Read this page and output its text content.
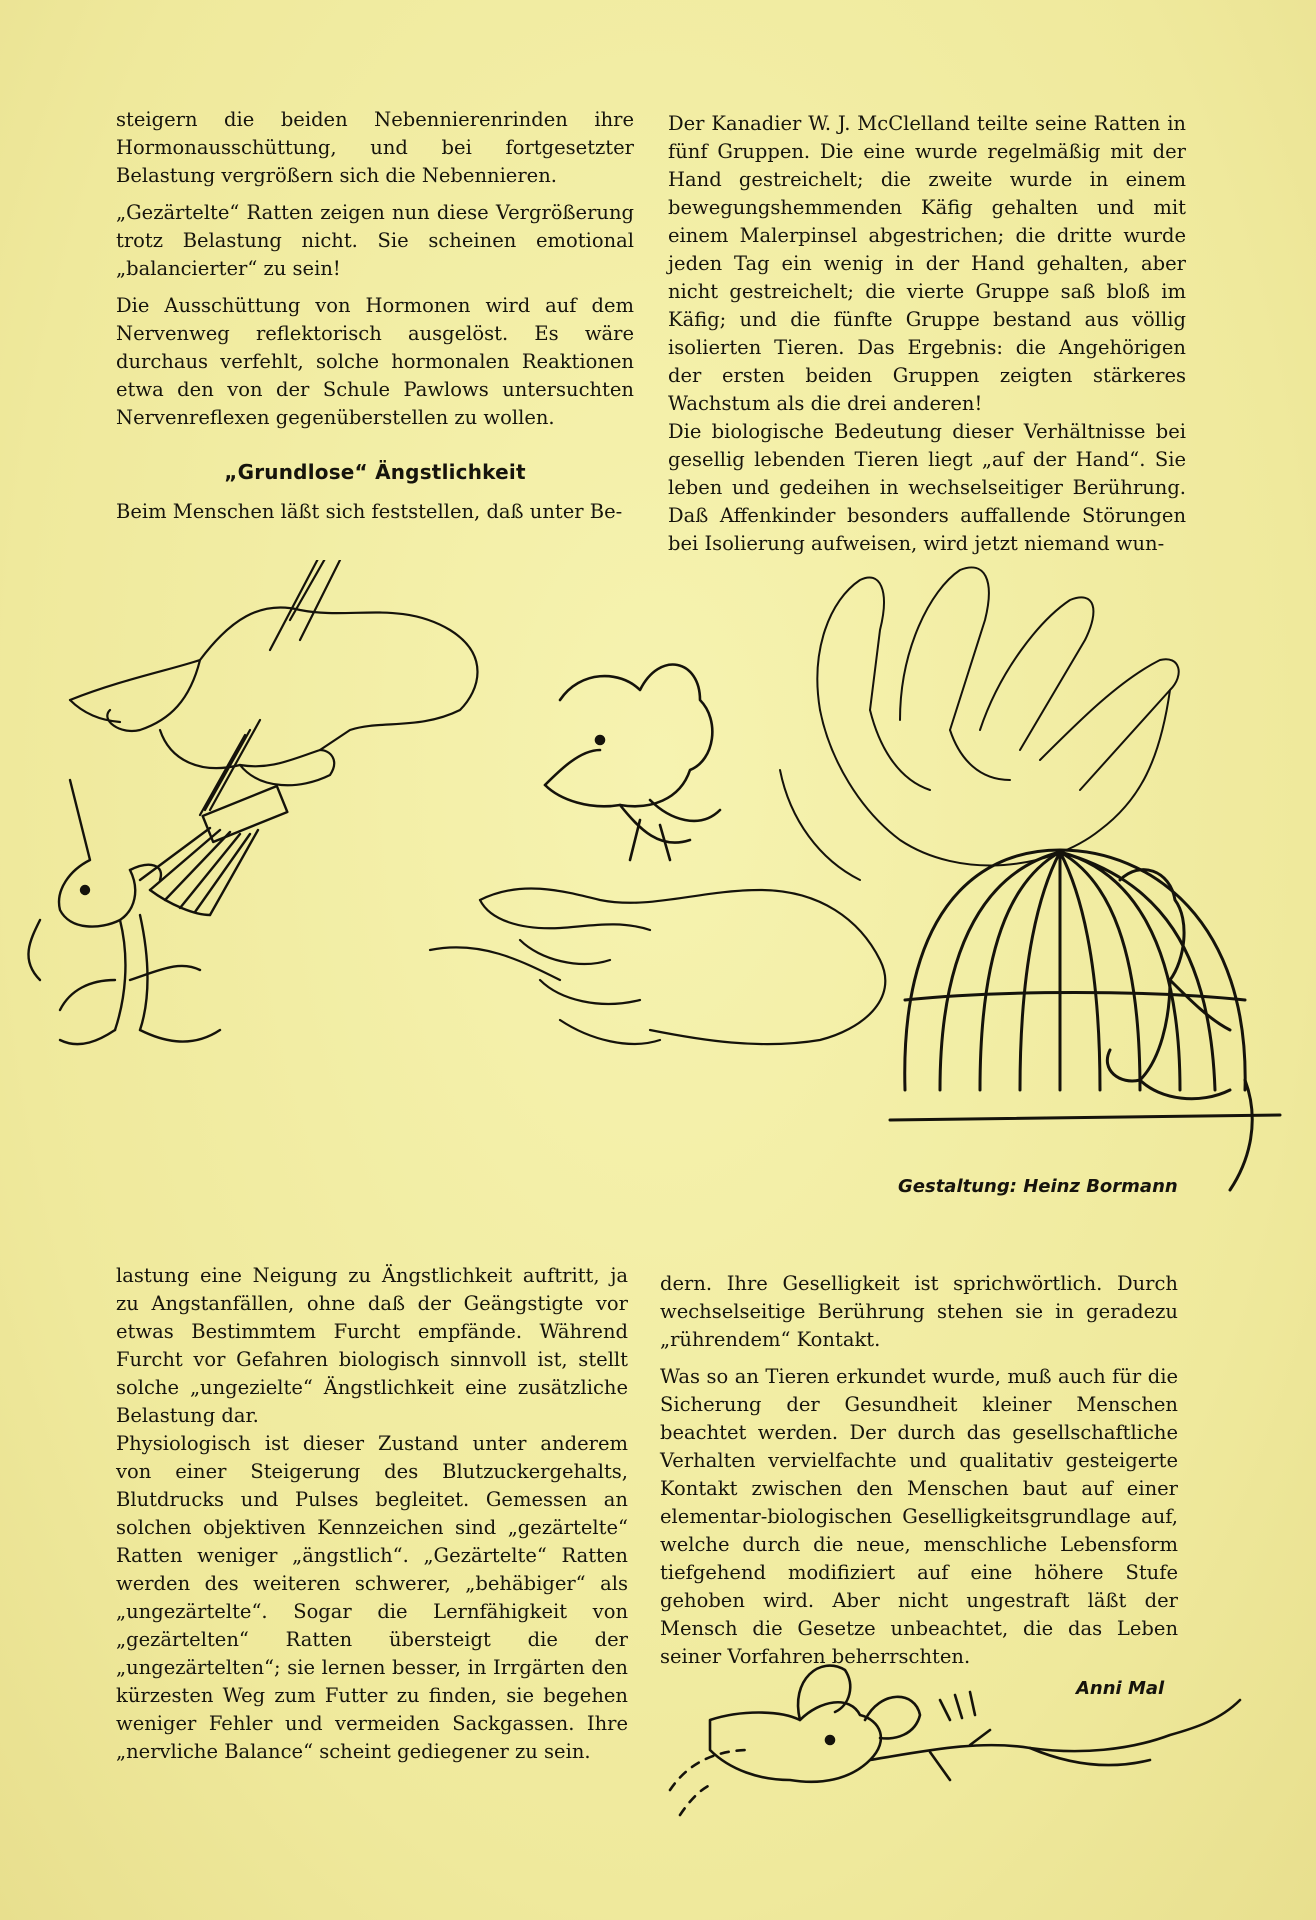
steigern die beiden Nebennierenrinden ihre Hormonausschüttung, und bei fortgesetzter Belastung vergrößern sich die Nebennieren.

„Gezärtelte“ Ratten zeigen nun diese Vergrößerung trotz Belastung nicht. Sie scheinen emotional „balancierter“ zu sein!

Die Ausschüttung von Hormonen wird auf dem Nervenweg reflektorisch ausgelöst. Es wäre durchaus verfehlt, solche hormonalen Reaktionen etwa den von der Schule Pawlows untersuchten Nervenreflexen gegenüberstellen zu wollen.

„Grundlose“ Ängstlichkeit

Beim Menschen läßt sich feststellen, daß unter Be-

Der Kanadier W. J. McClelland teilte seine Ratten in fünf Gruppen. Die eine wurde regelmäßig mit der Hand gestreichelt; die zweite wurde in einem bewegungshemmenden Käfig gehalten und mit einem Malerpinsel abgestrichen; die dritte wurde jeden Tag ein wenig in der Hand gehalten, aber nicht gestreichelt; die vierte Gruppe saß bloß im Käfig; und die fünfte Gruppe bestand aus völlig isolierten Tieren. Das Ergebnis: die Angehörigen der ersten beiden Gruppen zeigten stärkeres Wachstum als die drei anderen!

Die biologische Bedeutung dieser Verhältnisse bei gesellig lebenden Tieren liegt „auf der Hand“. Sie leben und gedeihen in wechselseitiger Berührung. Daß Affenkinder besonders auffallende Störungen bei Isolierung aufweisen, wird jetzt niemand wun-

Gestaltung: Heinz Bormann

lastung eine Neigung zu Ängstlichkeit auftritt, ja zu Angstanfällen, ohne daß der Geängstigte vor etwas Bestimmtem Furcht empfände. Während Furcht vor Gefahren biologisch sinnvoll ist, stellt solche „ungezielte“ Ängstlichkeit eine zusätzliche Belastung dar.

Physiologisch ist dieser Zustand unter anderem von einer Steigerung des Blutzuckergehalts, Blutdrucks und Pulses begleitet. Gemessen an solchen objektiven Kennzeichen sind „gezärtelte“ Ratten weniger „ängstlich“. „Gezärtelte“ Ratten werden des weiteren schwerer, „behäbiger“ als „ungezärtelte“. Sogar die Lernfähigkeit von „gezärtelten“ Ratten übersteigt die der „ungezärtelten“; sie lernen besser, in Irrgärten den kürzesten Weg zum Futter zu finden, sie begehen weniger Fehler und vermeiden Sackgassen. Ihre „nervliche Balance“ scheint gediegener zu sein.

dern. Ihre Geselligkeit ist sprichwörtlich. Durch wechselseitige Berührung stehen sie in geradezu „rührendem“ Kontakt.

Was so an Tieren erkundet wurde, muß auch für die Sicherung der Gesundheit kleiner Menschen beachtet werden. Der durch das gesellschaftliche Verhalten vervielfachte und qualitativ gesteigerte Kontakt zwischen den Menschen baut auf einer elementar-biologischen Geselligkeitsgrundlage auf, welche durch die neue, menschliche Lebensform tiefgehend modifiziert auf eine höhere Stufe gehoben wird. Aber nicht ungestraft läßt der Mensch die Gesetze unbeachtet, die das Leben seiner Vorfahren beherrschten.

Anni Mal
